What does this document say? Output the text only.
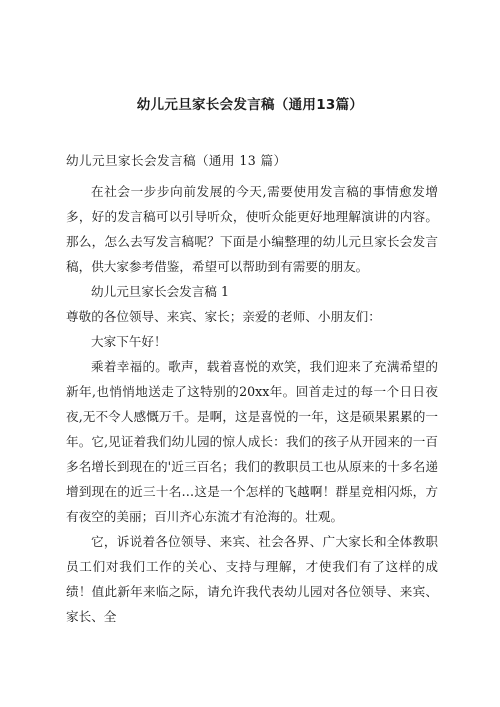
幼儿元旦家长会发言稿（通用13篇）

幼儿元旦家长会发言稿（通用 13 篇）

在社会一步步向前发展的今天,需要使用发言稿的事情愈发增多，好的发言稿可以引导听众，使听众能更好地理解演讲的内容。那么，怎么去写发言稿呢？下面是小编整理的幼儿元旦家长会发言稿，供大家参考借鉴，希望可以帮助到有需要的朋友。

幼儿元旦家长会发言稿 1

尊敬的各位领导、来宾、家长；亲爱的老师、小朋友们：

大家下午好！

乘着幸福的。歌声，载着喜悦的欢笑，我们迎来了充满希望的新年,也悄悄地送走了这特别的20xx年。回首走过的每一个日日夜夜,无不令人感慨万千。是啊，这是喜悦的一年，这是硕果累累的一年。它,见证着我们幼儿园的惊人成长：我们的孩子从开园来的一百多名增长到现在的'近三百名；我们的教职员工也从原来的十多名递增到现在的近三十名…这是一个怎样的飞越啊！群星竞相闪烁，方有夜空的美丽；百川齐心东流才有沧海的。壮观。

它，诉说着各位领导、来宾、社会各界、广大家长和全体教职员工们对我们工作的关心、支持与理解，才使我们有了这样的成绩！值此新年来临之际，请允许我代表幼儿园对各位领导、来宾、家长、全
